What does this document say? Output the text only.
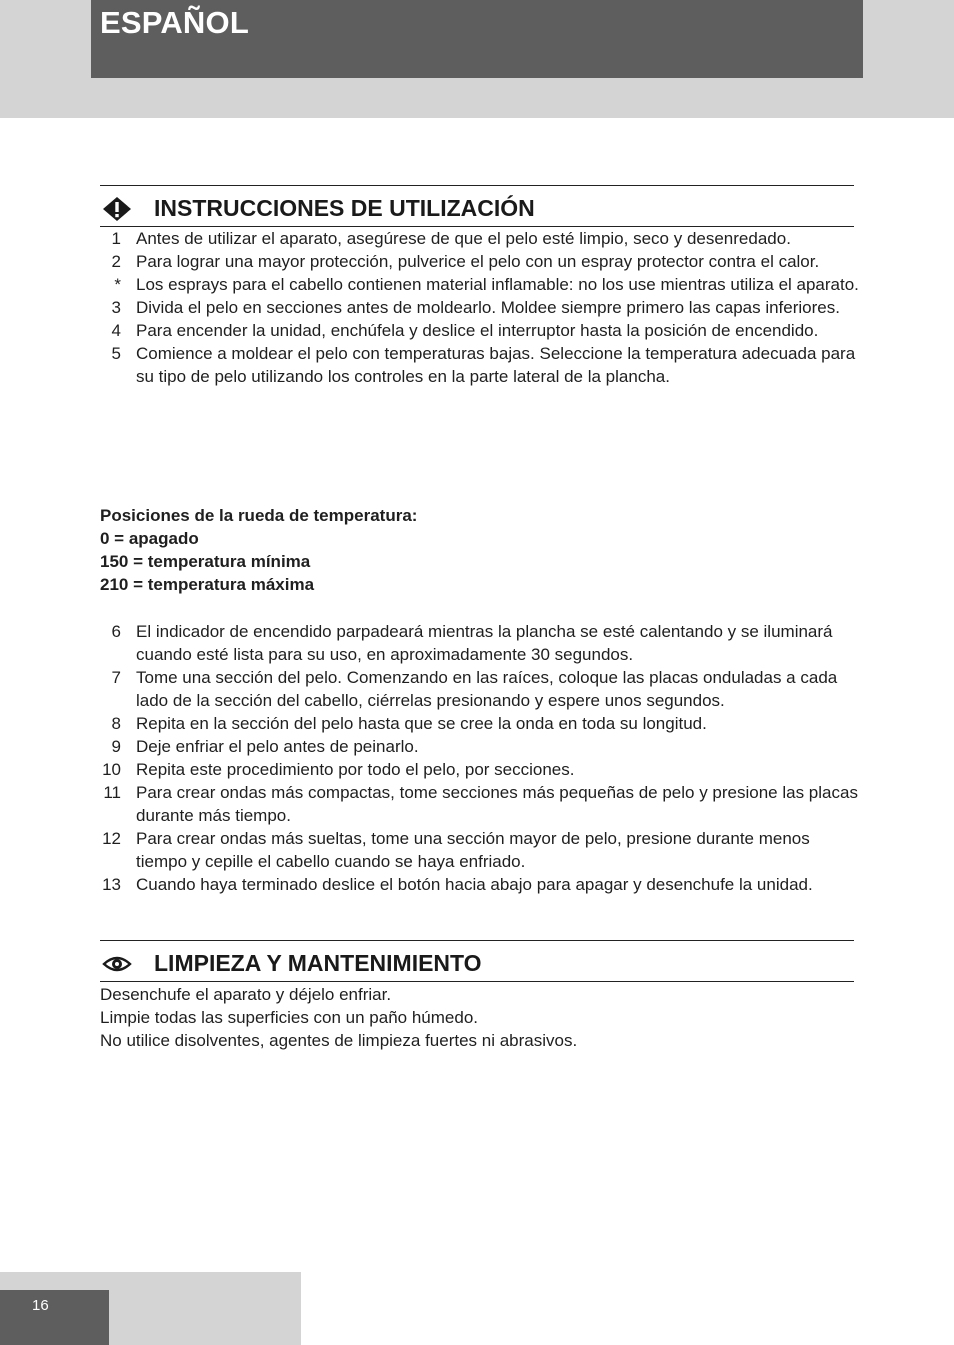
ESPAÑOL
INSTRUCCIONES DE UTILIZACIÓN
1 Antes de utilizar el aparato, asegúrese de que el pelo esté limpio, seco y desenredado.
2 Para lograr una mayor protección, pulverice el pelo con un espray protector contra el calor.
* Los esprays para el cabello contienen material inflamable: no los use mientras utiliza el aparato.
3 Divida el pelo en secciones antes de moldearlo. Moldee siempre primero las capas inferiores.
4 Para encender la unidad, enchúfela y deslice el interruptor hasta la posición de encendido.
5 Comience a moldear el pelo con temperaturas bajas. Seleccione la temperatura adecuada para su tipo de pelo utilizando los controles en la parte lateral de la plancha.
Posiciones de la rueda de temperatura:
0 = apagado
150 = temperatura mínima
210 = temperatura máxima
6 El indicador de encendido parpadeará mientras la plancha se esté calentando y se iluminará cuando esté lista para su uso, en aproximadamente 30 segundos.
7 Tome una sección del pelo. Comenzando en las raíces, coloque las placas onduladas a cada lado de la sección del cabello, ciérrelas presionando y espere unos segundos.
8 Repita en la sección del pelo hasta que se cree la onda en toda su longitud.
9 Deje enfriar el pelo antes de peinarlo.
10 Repita este procedimiento por todo el pelo, por secciones.
11 Para crear ondas más compactas, tome secciones más pequeñas de pelo y presione las placas durante más tiempo.
12 Para crear ondas más sueltas, tome una sección mayor de pelo, presione durante menos tiempo y cepille el cabello cuando se haya enfriado.
13 Cuando haya terminado deslice el botón hacia abajo para apagar y desenchufe la unidad.
LIMPIEZA Y MANTENIMIENTO
Desenchufe el aparato y déjelo enfriar.
Limpie todas las superficies con un paño húmedo.
No utilice disolventes, agentes de limpieza fuertes ni abrasivos.
16
